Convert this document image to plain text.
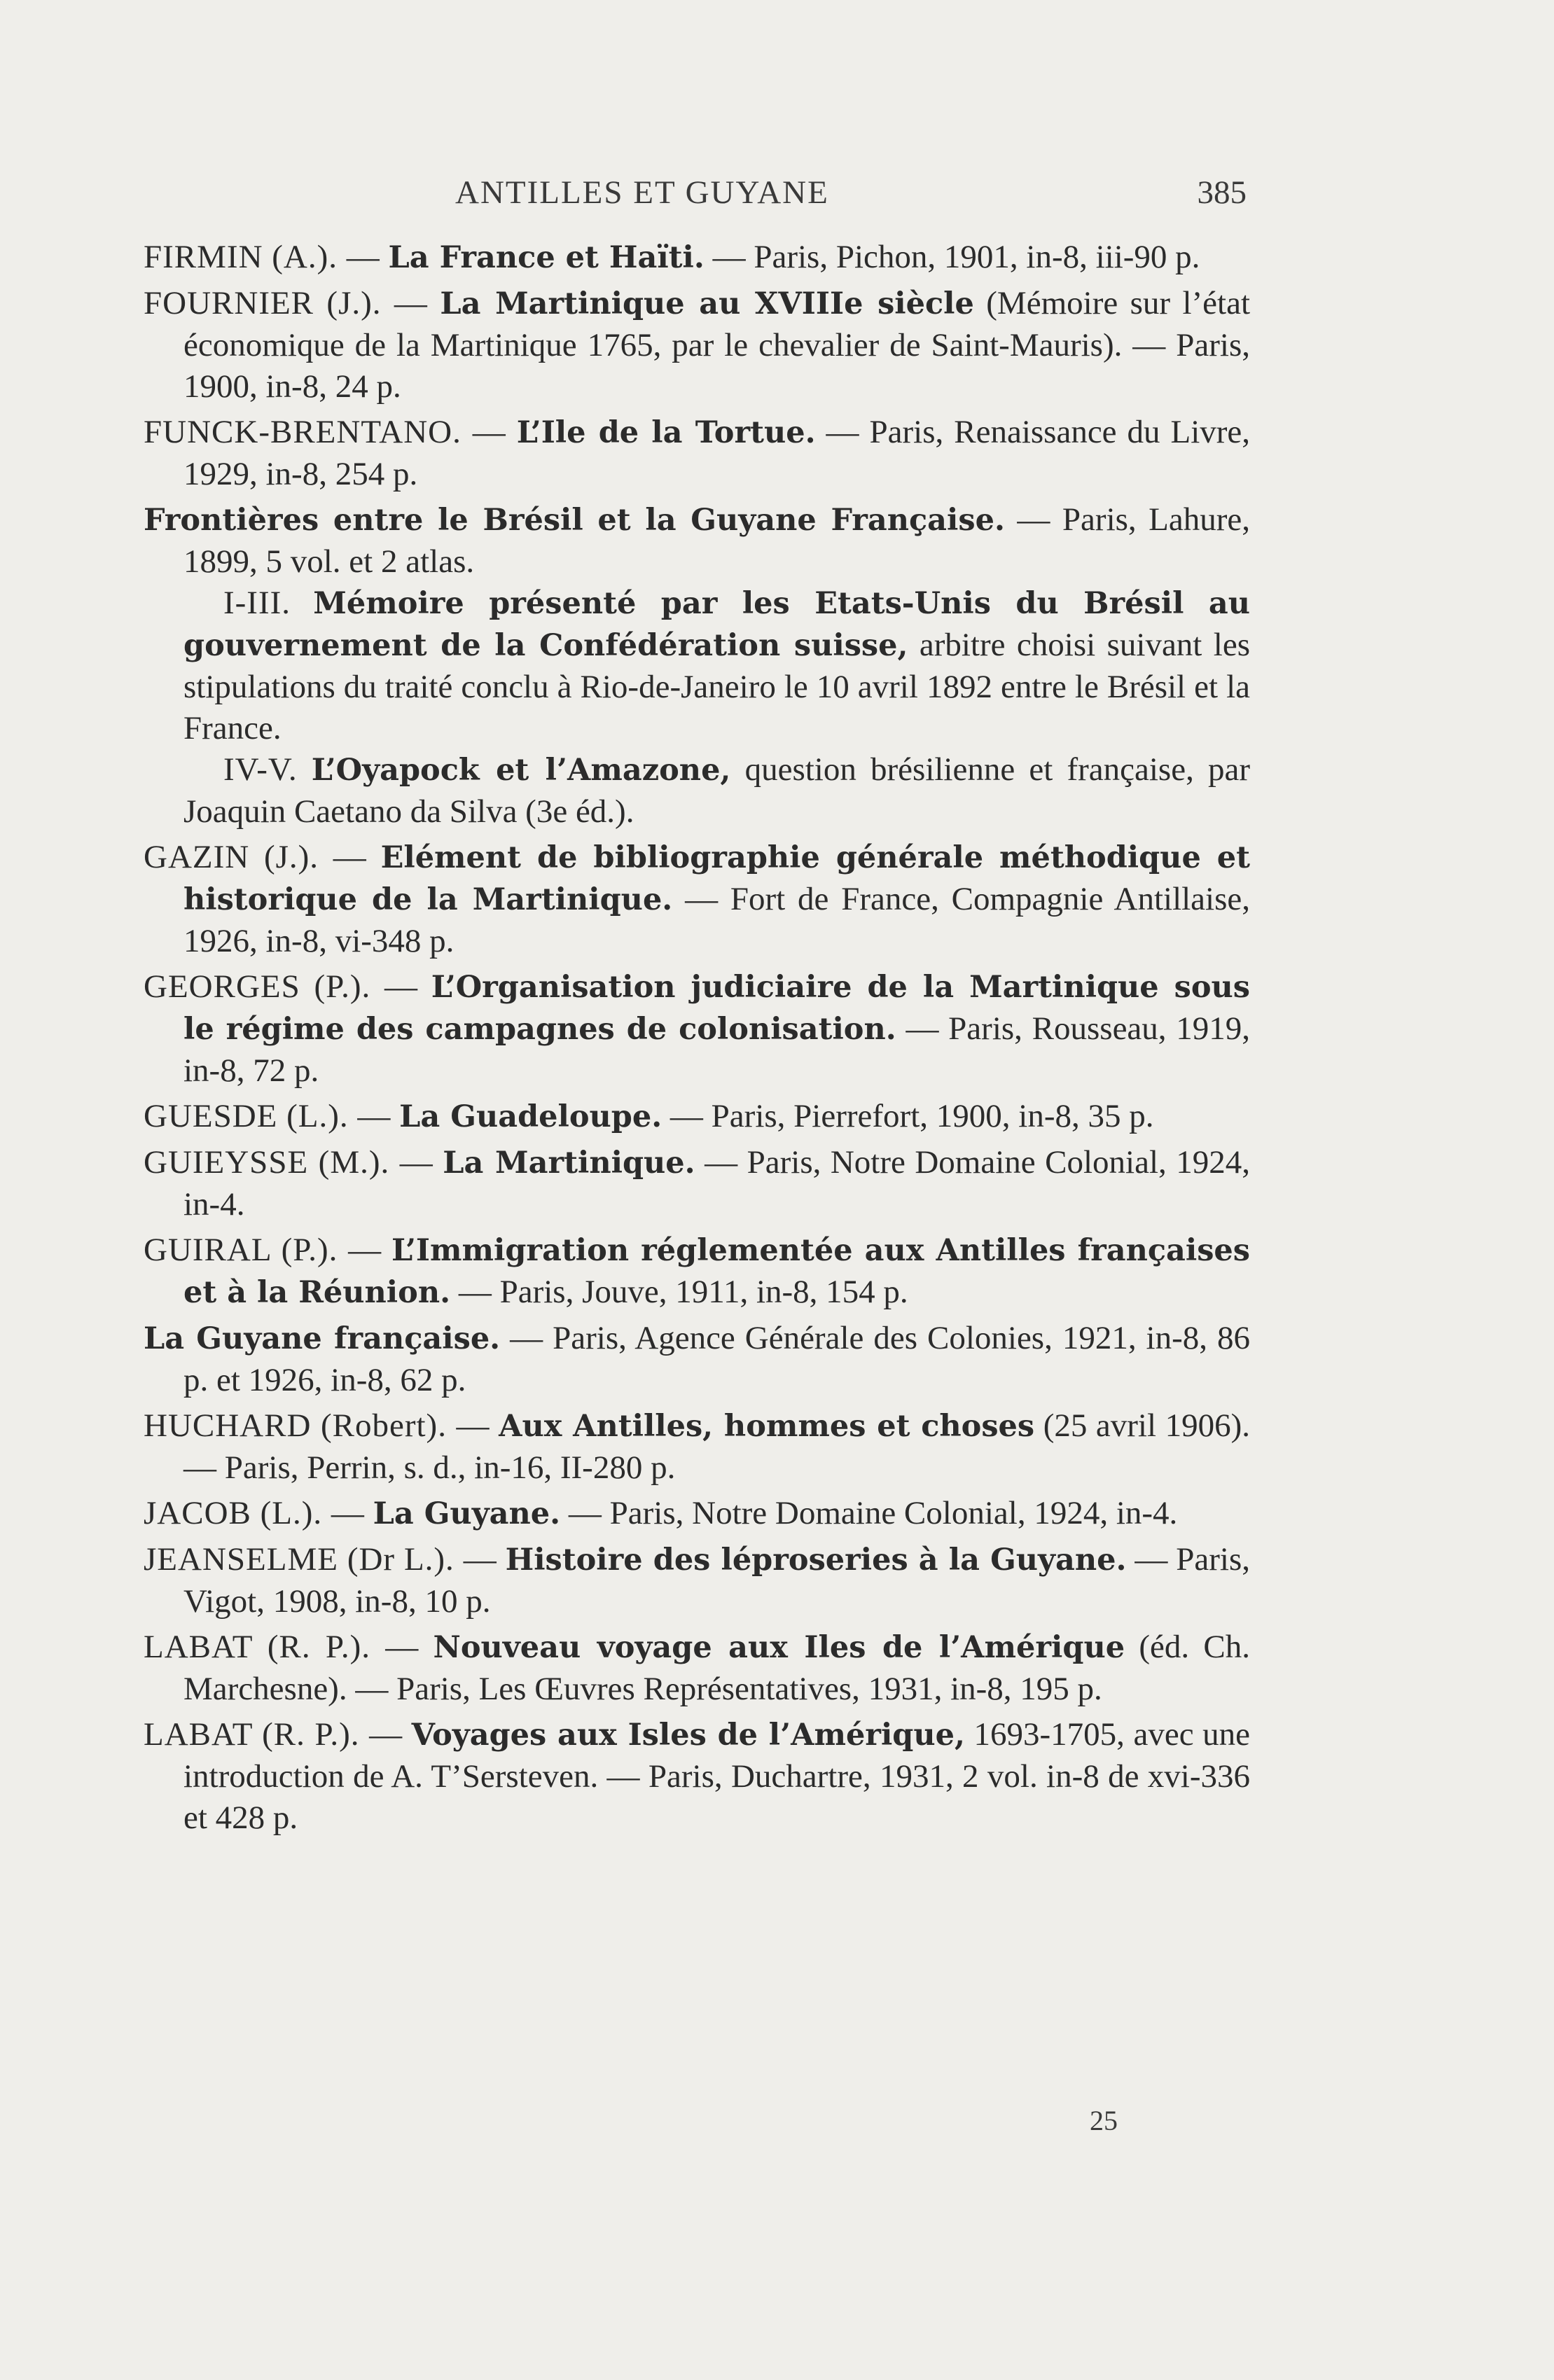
ANTILLES ET GUYANE	385

FIRMIN (A.). — La France et Haïti. — Paris, Pichon, 1901, in-8, iii-90 p.

FOURNIER (J.). — La Martinique au XVIIIe siècle (Mémoire sur l’état économique de la Martinique 1765, par le chevalier de Saint-Mauris). — Paris, 1900, in-8, 24 p.

FUNCK-BRENTANO. — L’Ile de la Tortue. — Paris, Renaissance du Livre, 1929, in-8, 254 p.

Frontières entre le Brésil et la Guyane Française. — Paris, Lahure, 1899, 5 vol. et 2 atlas.

I-III. Mémoire présenté par les Etats-Unis du Brésil au gouvernement de la Confédération suisse, arbitre choisi suivant les stipulations du traité conclu à Rio-de-Janeiro le 10 avril 1892 entre le Brésil et la France.

IV-V. L’Oyapock et l’Amazone, question brésilienne et française, par Joaquin Caetano da Silva (3e éd.).

GAZIN (J.). — Elément de bibliographie générale méthodique et historique de la Martinique. — Fort de France, Compagnie Antillaise, 1926, in-8, vi-348 p.

GEORGES (P.). — L’Organisation judiciaire de la Martinique sous le régime des campagnes de colonisation. — Paris, Rousseau, 1919, in-8, 72 p.

GUESDE (L.). — La Guadeloupe. — Paris, Pierrefort, 1900, in-8, 35 p.

GUIEYSSE (M.). — La Martinique. — Paris, Notre Domaine Colonial, 1924, in-4.

GUIRAL (P.). — L’Immigration réglementée aux Antilles françaises et à la Réunion. — Paris, Jouve, 1911, in-8, 154 p.

La Guyane française. — Paris, Agence Générale des Colonies, 1921, in-8, 86 p. et 1926, in-8, 62 p.

HUCHARD (Robert). — Aux Antilles, hommes et choses (25 avril 1906). — Paris, Perrin, s. d., in-16, II-280 p.

JACOB (L.). — La Guyane. — Paris, Notre Domaine Colonial, 1924, in-4.

JEANSELME (Dr L.). — Histoire des léproseries à la Guyane. — Paris, Vigot, 1908, in-8, 10 p.

LABAT (R. P.). — Nouveau voyage aux Iles de l’Amérique (éd. Ch. Marchesne). — Paris, Les Œuvres Représentatives, 1931, in-8, 195 p.

LABAT (R. P.). — Voyages aux Isles de l’Amérique, 1693-1705, avec une introduction de A. T’Sersteven. — Paris, Duchartre, 1931, 2 vol. in-8 de xvi-336 et 428 p.

25
